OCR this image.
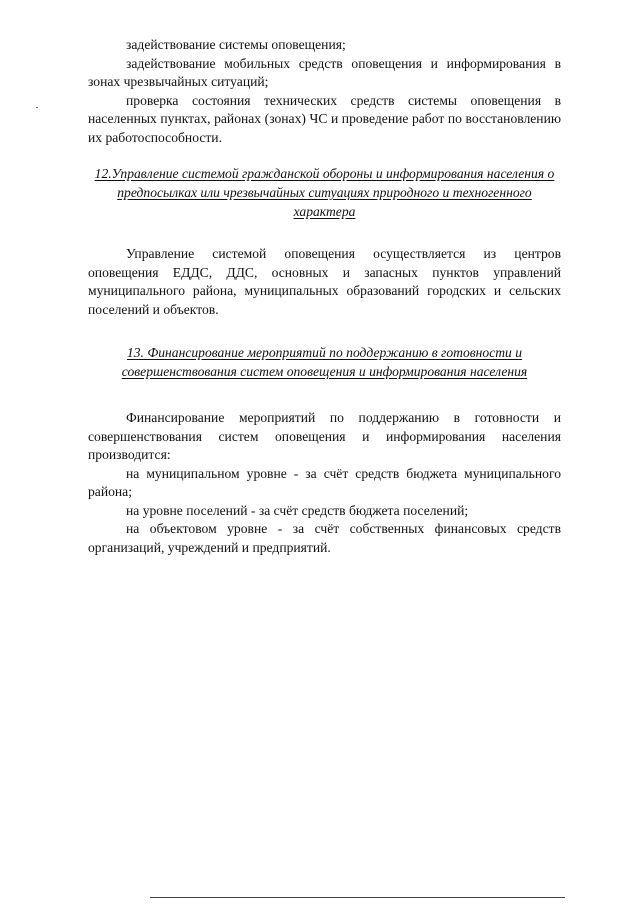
задействование системы оповещения;

задействование мобильных средств оповещения и информирования в зонах чрезвычайных ситуаций;

проверка состояния технических средств системы оповещения в населенных пунктах, районах (зонах) ЧС и проведение работ по восстановлению их работоспособности.

12.Управление системой гражданской обороны и информирования населения о предпосылках или чрезвычайных ситуациях природного и техногенного характера

Управление системой оповещения осуществляется из центров оповещения ЕДДС, ДДС, основных и запасных пунктов управлений муниципального района, муниципальных образований городских и сельских поселений и объектов.

13. Финансирование мероприятий по поддержанию в готовности и совершенствования систем оповещения и информирования населения

Финансирование мероприятий по поддержанию в готовности и совершенствования систем оповещения и информирования населения производится:

на муниципальном уровне - за счёт средств бюджета муниципального района;

на уровне поселений - за счёт средств бюджета поселений;

на объектовом уровне - за счёт собственных финансовых средств организаций, учреждений и предприятий.
